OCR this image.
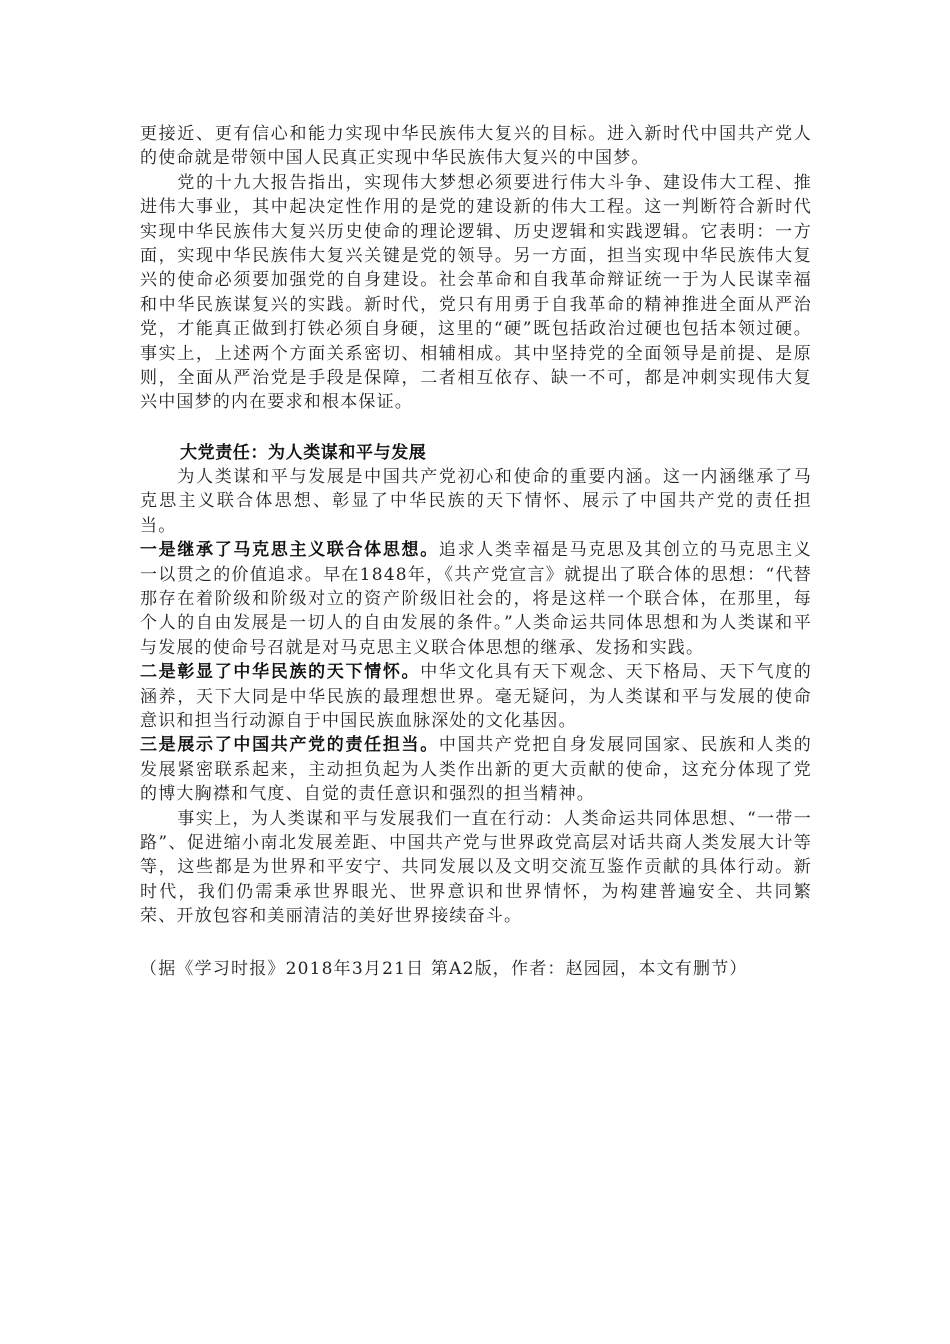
更接近、更有信心和能力实现中华民族伟大复兴的目标。进入新时代中国共产党人的使命就是带领中国人民真正实现中华民族伟大复兴的中国梦。

党的十九大报告指出，实现伟大梦想必须要进行伟大斗争、建设伟大工程、推进伟大事业，其中起决定性作用的是党的建设新的伟大工程。这一判断符合新时代实现中华民族伟大复兴历史使命的理论逻辑、历史逻辑和实践逻辑。它表明：一方面，实现中华民族伟大复兴关键是党的领导。另一方面，担当实现中华民族伟大复兴的使命必须要加强党的自身建设。社会革命和自我革命辩证统一于为人民谋幸福和中华民族谋复兴的实践。新时代，党只有用勇于自我革命的精神推进全面从严治党，才能真正做到打铁必须自身硬，这里的“硬”既包括政治过硬也包括本领过硬。事实上，上述两个方面关系密切、相辅相成。其中坚持党的全面领导是前提、是原则，全面从严治党是手段是保障，二者相互依存、缺一不可，都是冲刺实现伟大复兴中国梦的内在要求和根本保证。

大党责任：为人类谋和平与发展

为人类谋和平与发展是中国共产党初心和使命的重要内涵。这一内涵继承了马克思主义联合体思想、彰显了中华民族的天下情怀、展示了中国共产党的责任担当。

一是继承了马克思主义联合体思想。追求人类幸福是马克思及其创立的马克思主义一以贯之的价值追求。早在1848年，《共产党宣言》就提出了联合体的思想：“代替那存在着阶级和阶级对立的资产阶级旧社会的，将是这样一个联合体，在那里，每个人的自由发展是一切人的自由发展的条件。”人类命运共同体思想和为人类谋和平与发展的使命号召就是对马克思主义联合体思想的继承、发扬和实践。

二是彰显了中华民族的天下情怀。中华文化具有天下观念、天下格局、天下气度的涵养，天下大同是中华民族的最理想世界。毫无疑问，为人类谋和平与发展的使命意识和担当行动源自于中国民族血脉深处的文化基因。

三是展示了中国共产党的责任担当。中国共产党把自身发展同国家、民族和人类的发展紧密联系起来，主动担负起为人类作出新的更大贡献的使命，这充分体现了党的博大胸襟和气度、自觉的责任意识和强烈的担当精神。

事实上，为人类谋和平与发展我们一直在行动：人类命运共同体思想、“一带一路”、促进缩小南北发展差距、中国共产党与世界政党高层对话共商人类发展大计等等，这些都是为世界和平安宁、共同发展以及文明交流互鉴作贡献的具体行动。新时代，我们仍需秉承世界眼光、世界意识和世界情怀，为构建普遍安全、共同繁荣、开放包容和美丽清洁的美好世界接续奋斗。

（据《学习时报》2018年3月21日 第A2版，作者：赵园园，本文有删节）
